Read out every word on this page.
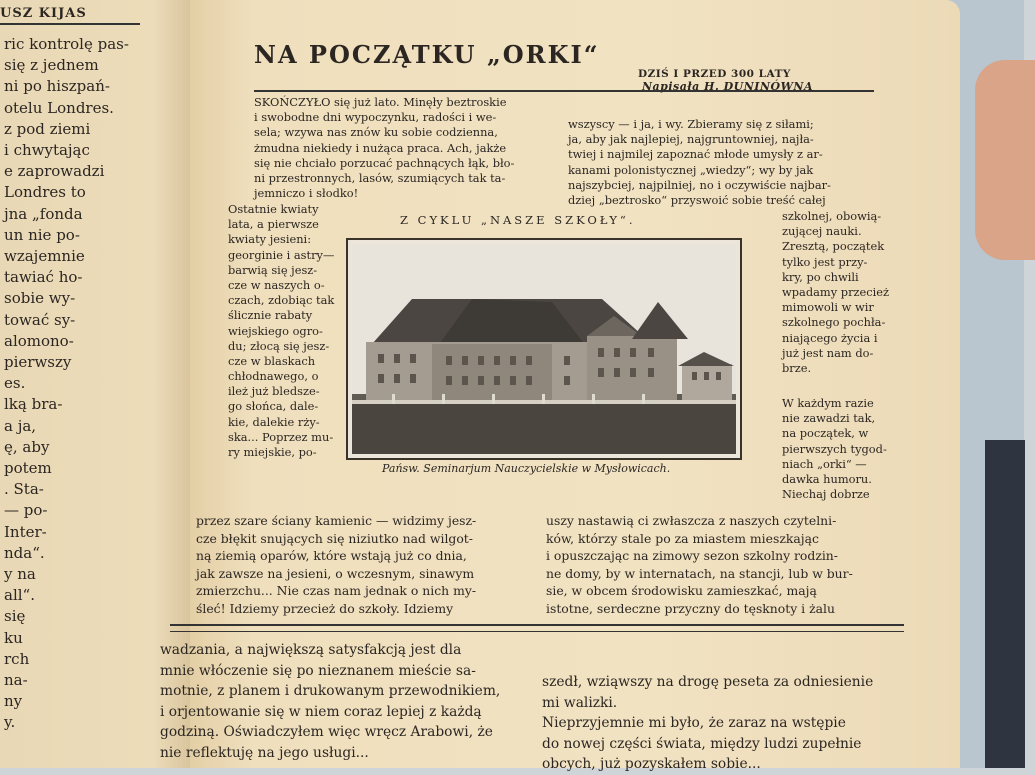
USZ KIJAS
ric kontrolę pas-
się z jednem
ni po hiszpań-
otelu Londres.
z pod ziemi
i chwytając
e zaprowadzi
Londres to
jna „fonda
un nie po-
wzajemnie
tawiać ho-
sobie wy-
tować sy-
alomono-
pierwszy
es.
lką bra-
a ja,
ę, aby
potem
. Sta-
— po-
Inter-
nda“.
y na
all“.
się
ku
rch
na-
ny
y.
NA POCZĄTKU „ORKI“
DZIŚ I PRZED 300 LATY
Napisała H. DUNINÓWNA
SKOŃCZYŁO się już lato. Minęły beztroskie
i swobodne dni wypoczynku, radości i we-
sela; wzywa nas znów ku sobie codzienna,
żmudna niekiedy i nużąca praca. Ach, jakże
się nie chciało porzucać pachnących łąk, bło-
ni przestronnych, lasów, szumiących tak ta-
jemniczo i słodko!
Ostatnie kwiaty
lata, a pierwsze
kwiaty jesieni:
georginie i astry—
barwią się jesz-
cze w naszych o-
czach, zdobiąc tak
ślicznie rabaty
wiejskiego ogro-
du; złocą się jesz-
cze w blaskach
chłodnawego, o
ileż już bledsze-
go słońca, dale-
kie, dalekie rży-
ska... Poprzez mu-
ry miejskie, po-
przez szare ściany kamienic — widzimy jesz-
cze błękit snujących się niziutko nad wilgot-
ną ziemią oparów, które wstają już co dnia,
jak zawsze na jesieni, o wczesnym, sinawym
zmierzchu... Nie czas nam jednak o nich my-
śleć! Idziemy przecież do szkoły. Idziemy
wszyscy — i ja, i wy. Zbieramy się z siłami;
ja, aby jak najlepiej, najgruntowniej, najła-
twiej i najmilej zapoznać młode umysły z ar-
kanami polonistycznej „wiedzy“; wy by jak
najszybciej, najpilniej, no i oczywiście najbar-
dziej „beztrosko“ przyswoić sobie treść całej
szkolnej, obowią-
zującej nauki.
Zresztą, początek
tylko jest przy-
kry, po chwili
wpadamy przecież
mimowoli w wir
szkolnego pochła-
niającego życia i
już jest nam do-
brze.
W każdym razie
nie zawadzi tak,
na początek, w
pierwszych tygod-
niach „orki“ —
dawka humoru.
Niechaj dobrze
uszy nastawią ci zwłaszcza z naszych czytelni-
ków, którzy stale po za miastem mieszkając
i opuszczając na zimowy sezon szkolny rodzin-
ne domy, by w internatach, na stancji, lub w bur-
sie, w obcem środowisku zamieszkać, mają
istotne, serdeczne przyczny do tęsknoty i żalu
Z CYKLU „NASZE SZKOŁY“.
Pańsw. Seminarjum Nauczycielskie w Mysłowicach.
wadzania, a największą satysfakcją jest dla
mnie włóczenie się po nieznanem mieście sa-
motnie, z planem i drukowanym przewodnikiem,
i orjentowanie się w niem coraz lepiej z każdą
godziną. Oświadczyłem więc wręcz Arabowi, że
nie reflektuję na jego usługi...
szedł, wziąwszy na drogę peseta za odniesienie
mi walizki.
Nieprzyjemnie mi było, że zaraz na wstępie
do nowej części świata, między ludzi zupełnie
obcych, już pozyskałem sobie...
